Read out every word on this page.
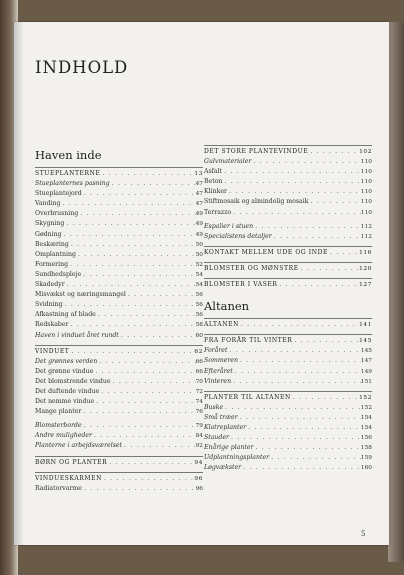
INDHOLD
Haven inde
STUEPLANTERNE . . .	13
Stueplanternes pasning . . .	47
Stueplantejord . . .	47
Vanding . . .	47
Overbrusning . . .	49
Skygning . . .	49
Gødning . . .	49
Beskæring . . .	50
Omplantning . . .	50
Formering . . .	52
Sundhedspleje . . .	54
Skadedyr . . .	54
Misvækst og næringsmangel . . .	56
Svidning . . .	56
Afkastning af blade . . .	56
Redskaber . . .	58
Haven i vinduet året rundt . . .	60
VINDUET . . .	62
Det grønnes verden . . .	66
Det grønne vindue . . .	66
Det blomstrende vindue . . .	70
Det duftende vindue . . .	72
Det nemme vindue . . .	74
Mange planter . . .	76
Blomsterborde . . .	79
Andre muligheder . . .	84
Planterne i arbejdsværelset . . .	92
BØRN OG PLANTER . . .	94
VINDUESKARMEN . . .	96
Radiatorvarme . . .	96
DET STORE PLANTEVINDUE . . .	102
Gulvmaterialer . . .	110
Asfalt . . .	110
Beton . . .	110
Klinker . . .	110
Stiftmosaik og almindelig mosaik . . .	110
Terrazzo . . .	110
Espalier i stuen . . .	112
Specialistens detaljer . . .	112
KONTAKT MELLEM UDE OG INDE . . .	116
BLOMSTER OG MØNSTRE . . .	120
BLOMSTER I VASER . . .	127
Altanen
ALTANEN . . .	141
FRA FORÅR TIL VINTER . . .	145
Foråret . . .	145
Sommeren . . .	147
Efteråret . . .	149
Vinteren . . .	151
PLANTER TIL ALTANEN . . .	152
Buske . . .	152
Små træer . . .	154
Klatreplanter . . .	154
Stauder . . .	156
Enårige planter . . .	158
Udplantningsplanter . . .	159
Løgvækster . . .	160
5
